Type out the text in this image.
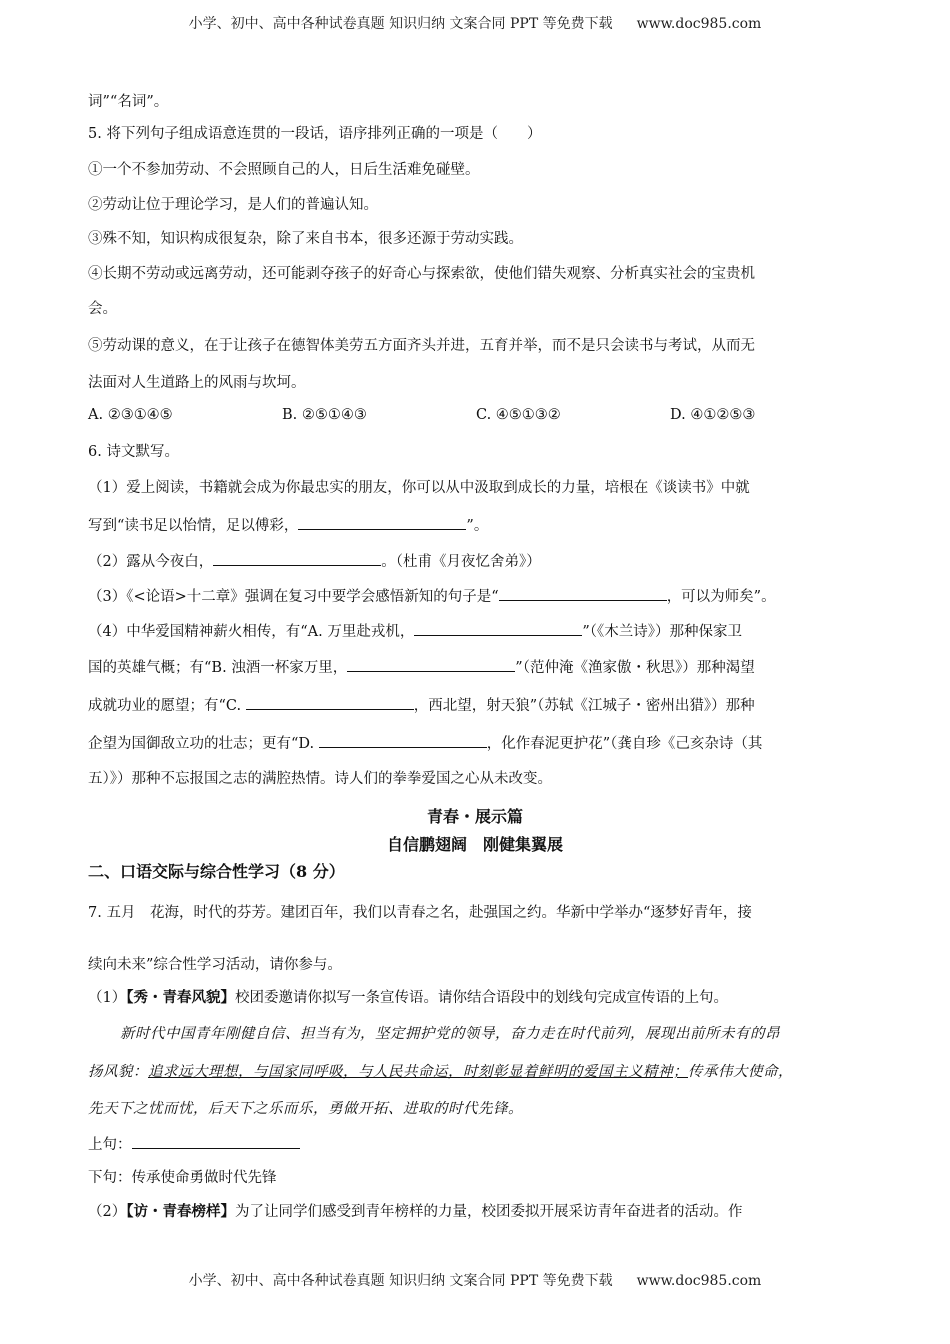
小学、初中、高中各种试卷真题 知识归纳 文案合同 PPT 等免费下载 www.doc985.com
词”“名词”。
5. 将下列句子组成语意连贯的一段话，语序排列正确的一项是（　　）
①一个不参加劳动、不会照顾自己的人，日后生活难免碰壁。
②劳动让位于理论学习，是人们的普遍认知。
③殊不知，知识构成很复杂，除了来自书本，很多还源于劳动实践。
④长期不劳动或远离劳动，还可能剥夺孩子的好奇心与探索欲，使他们错失观察、分析真实社会的宝贵机
会。
⑤劳动课的意义，在于让孩子在德智体美劳五方面齐头并进，五育并举，而不是只会读书与考试，从而无
法面对人生道路上的风雨与坎坷。
A. ②③①④⑤	B. ②⑤①④③	C. ④⑤①③②	D. ④①②⑤③
6. 诗文默写。
（1）爱上阅读，书籍就会成为你最忠实的朋友，你可以从中汲取到成长的力量，培根在《谈读书》中就
写到“读书足以怡情，足以傅彩，	”。
（2）露从今夜白，	。（杜甫《月夜忆舍弟》）
（3）《<论语>十二章》强调在复习中要学会感悟新知的句子是“	，可以为师矣”。
（4）中华爱国精神薪火相传，有“A. 万里赴戎机，	”（《木兰诗》）那种保家卫
国的英雄气概；有“B. 浊酒一杯家万里，	”（范仲淹《渔家傲・秋思》）那种渴望
成就功业的愿望；有“C.	，西北望，射天狼”（苏轼《江城子・密州出猎》）那种
企望为国御敌立功的壮志；更有“D.	，化作春泥更护花”（龚自珍《己亥杂诗（其
五）》）那种不忘报国之志的满腔热情。诗人们的拳拳爱国之心从未改变。
青春・展示篇
自信鹏翅阔　刚健集翼展
二、口语交际与综合性学习（8 分）
7. 五月　花海，时代的芬芳。建团百年，我们以青春之名，赴强国之约。华新中学举办“逐梦好青年，接
续向未来”综合性学习活动，请你参与。
（1）【秀・青春风貌】校团委邀请你拟写一条宣传语。请你结合语段中的划线句完成宣传语的上句。
新时代中国青年刚健自信、担当有为，坚定拥护党的领导，奋力走在时代前列，展现出前所未有的昂
扬风貌：追求远大理想，与国家同呼吸，与人民共命运，时刻彰显着鲜明的爱国主义精神；传承伟大使命，
先天下之忧而忧，后天下之乐而乐，勇做开拓、进取的时代先锋。
上句：
下句：传承使命勇做时代先锋
（2）【访・青春榜样】为了让同学们感受到青年榜样的力量，校团委拟开展采访青年奋进者的活动。作
小学、初中、高中各种试卷真题 知识归纳 文案合同 PPT 等免费下载 www.doc985.com
